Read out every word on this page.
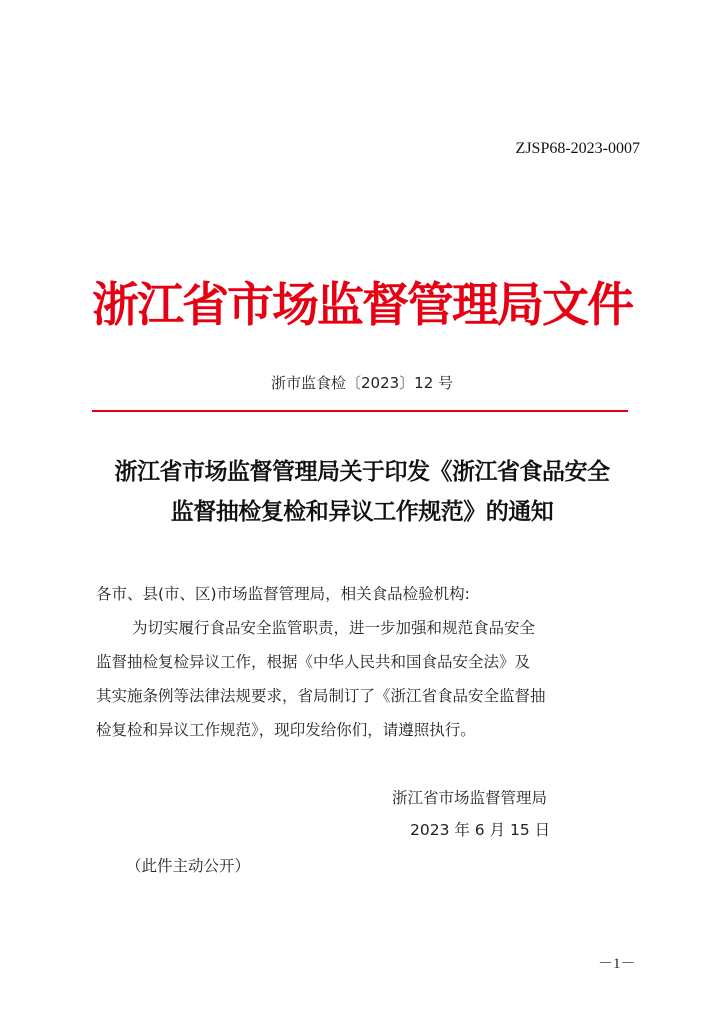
ZJSP68-2023-0007
浙江省市场监督管理局文件
浙市监食检〔2023〕12 号
浙江省市场监督管理局关于印发《浙江省食品安全
监督抽检复检和异议工作规范》的通知
各市、县(市、区)市场监督管理局，相关食品检验机构:
为切实履行食品安全监管职责，进一步加强和规范食品安全
监督抽检复检异议工作，根据《中华人民共和国食品安全法》及
其实施条例等法律法规要求，省局制订了《浙江省食品安全监督抽
检复检和异议工作规范》，现印发给你们，请遵照执行。
浙江省市场监督管理局
2023 年 6 月 15 日
（此件主动公开）
－1－
